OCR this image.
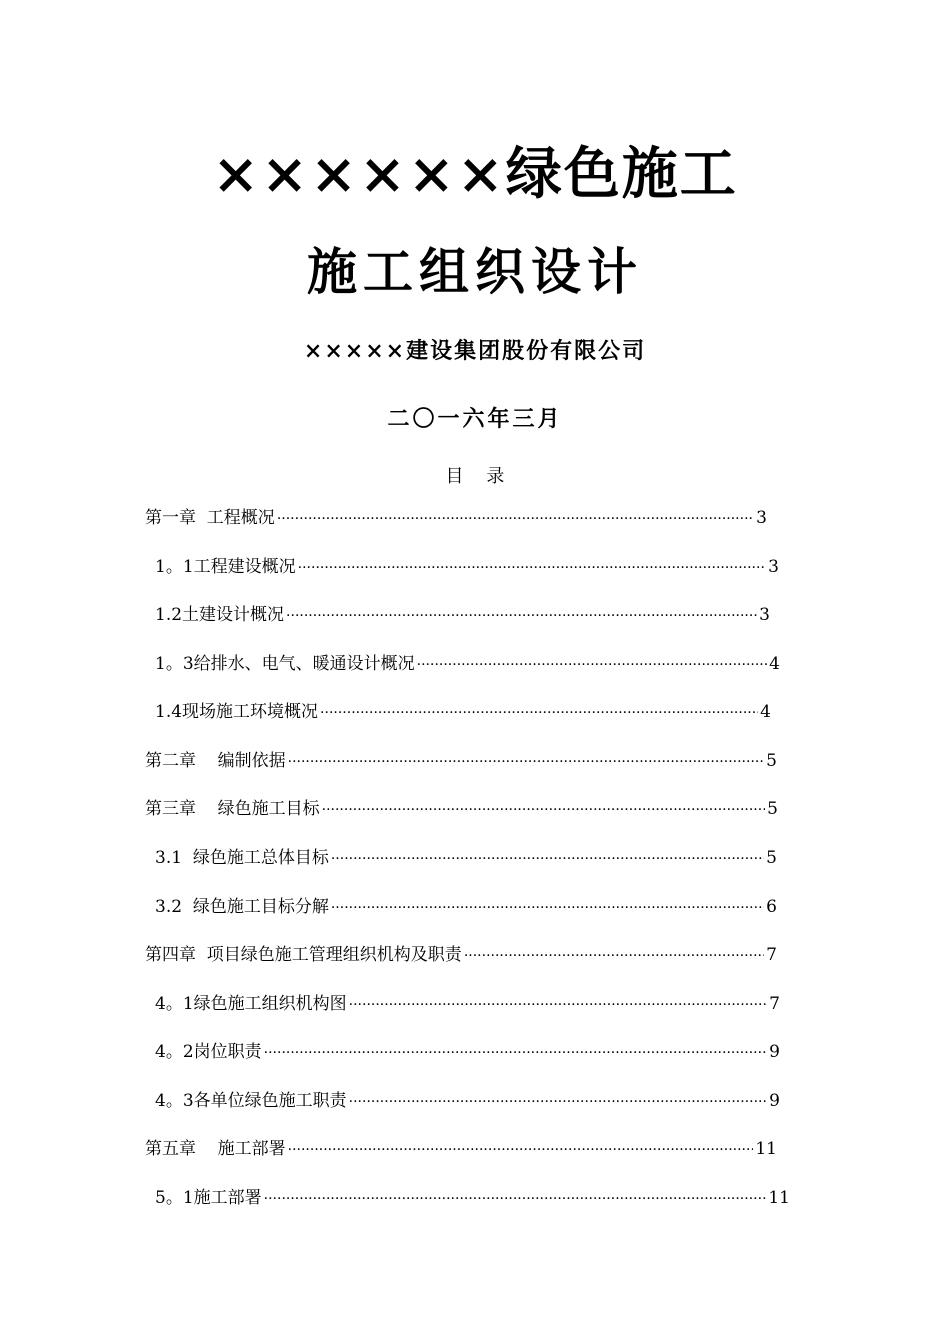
××××××绿色施工
施工组织设计
×××××建设集团股份有限公司
二〇一六年三月
目    录
第一章  工程概况 ·····	3
1。1工程建设概况 ·····	3
1.2土建设计概况 ·····	3
1。3给排水、电气、暖通设计概况 ·····	4
1.4现场施工环境概况 ·····	4
第二章    编制依据 ·····	5
第三章    绿色施工目标 ·····	5
3.1  绿色施工总体目标 ·····	5
3.2  绿色施工目标分解 ·····	6
第四章  项目绿色施工管理组织机构及职责 ·····	7
4。1绿色施工组织机构图 ·····	7
4。2岗位职责 ·····	9
4。3各单位绿色施工职责 ·····	9
第五章    施工部署 ·····	11
5。1施工部署 ·····	11
